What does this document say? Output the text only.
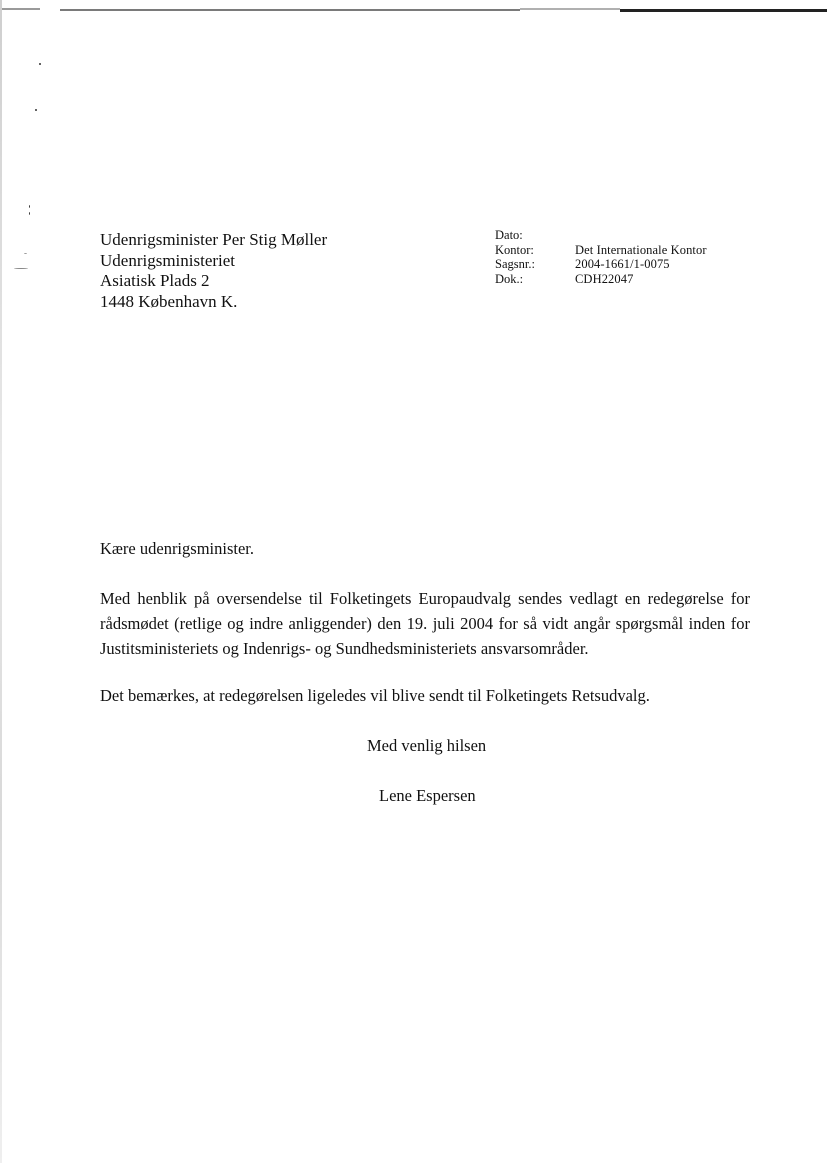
Udenrigsminister Per Stig Møller
Udenrigsministeriet
Asiatisk Plads 2
1448 København K.
Dato:
Kontor:	Det Internationale Kontor
Sagsnr.:	2004-1661/1-0075
Dok.:	CDH22047
Kære udenrigsminister.
Med henblik på oversendelse til Folketingets Europaudvalg sendes vedlagt en redegørelse for rådsmødet (retlige og indre anliggender) den 19. juli 2004 for så vidt angår spørgsmål inden for Justitsministeriets og Indenrigs- og Sundhedsministeriets ansvarsområder.
Det bemærkes, at redegørelsen ligeledes vil blive sendt til Folketingets Retsudvalg.
Med venlig hilsen
Lene Espersen
